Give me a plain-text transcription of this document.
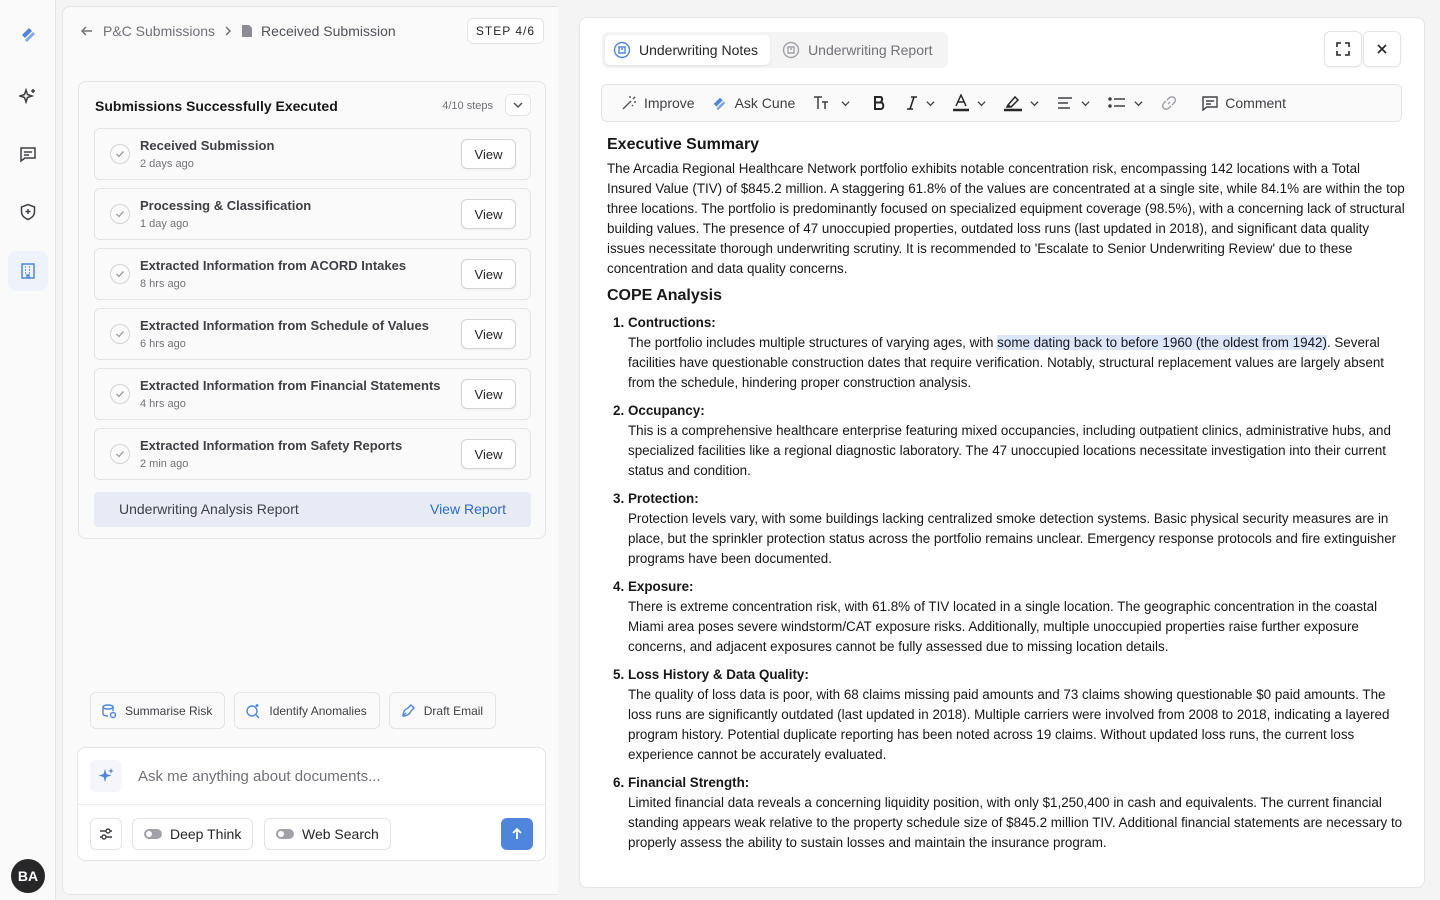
BA
P&C Submissions	Received Submission	STEP 4/6
Submissions Successfully Executed	4/10 steps
Received Submission
2 days ago
View
Processing & Classification
1 day ago
View
Extracted Information from ACORD Intakes
8 hrs ago
View
Extracted Information from Schedule of Values
6 hrs ago
View
Extracted Information from Financial Statements
4 hrs ago
View
Extracted Information from Safety Reports
2 min ago
View
Underwriting Analysis Report	View Report
Summarise Risk	Identify Anomalies	Draft Email
Ask me anything about documents...
Deep Think	Web Search
Underwriting Notes	Underwriting Report
Improve	Ask Cune	Comment
Executive Summary

The Arcadia Regional Healthcare Network portfolio exhibits notable concentration risk, encompassing 142 locations with a Total Insured Value (TIV) of $845.2 million. A staggering 61.8% of the values are concentrated at a single site, while 84.1% are within the top three locations. The portfolio is predominantly focused on specialized equipment coverage (98.5%), with a concerning lack of structural building values. The presence of 47 unoccupied properties, outdated loss runs (last updated in 2018), and significant data quality issues necessitate thorough underwriting scrutiny. It is recommended to 'Escalate to Senior Underwriting Review' due to these concentration and data quality concerns.

COPE Analysis
1. Contructions:
The portfolio includes multiple structures of varying ages, with some dating back to before 1960 (the oldest from 1942). Several facilities have questionable construction dates that require verification. Notably, structural replacement values are largely absent from the schedule, hindering proper construction analysis.
2. Occupancy:
This is a comprehensive healthcare enterprise featuring mixed occupancies, including outpatient clinics, administrative hubs, and specialized facilities like a regional diagnostic laboratory. The 47 unoccupied locations necessitate investigation into their current status and condition.
3. Protection:
Protection levels vary, with some buildings lacking centralized smoke detection systems. Basic physical security measures are in place, but the sprinkler protection status across the portfolio remains unclear. Emergency response protocols and fire extinguisher programs have been documented.
4. Exposure:
There is extreme concentration risk, with 61.8% of TIV located in a single location. The geographic concentration in the coastal Miami area poses severe windstorm/CAT exposure risks. Additionally, multiple unoccupied properties raise further exposure concerns, and adjacent exposures cannot be fully assessed due to missing location details.
5. Loss History & Data Quality:
The quality of loss data is poor, with 68 claims missing paid amounts and 73 claims showing questionable $0 paid amounts. The loss runs are significantly outdated (last updated in 2018). Multiple carriers were involved from 2008 to 2018, indicating a layered program history. Potential duplicate reporting has been noted across 19 claims. Without updated loss runs, the current loss experience cannot be accurately evaluated.
6. Financial Strength:
Limited financial data reveals a concerning liquidity position, with only $1,250,400 in cash and equivalents. The current financial standing appears weak relative to the property schedule size of $845.2 million TIV. Additional financial statements are necessary to properly assess the ability to sustain losses and maintain the insurance program.
